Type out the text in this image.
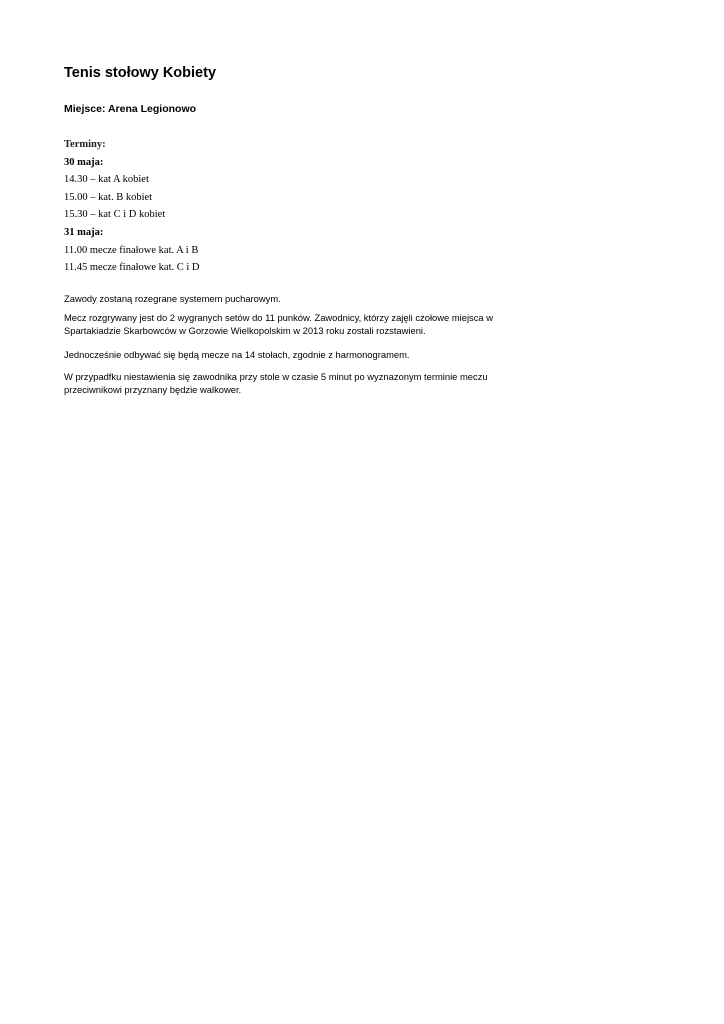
Tenis stołowy Kobiety
Miejsce: Arena Legionowo
Terminy:
30 maja:
14.30 – kat A kobiet
15.00 – kat. B kobiet
15.30 – kat C i D kobiet
31 maja:
11.00 mecze finałowe kat. A i B
11.45 mecze finałowe kat. C i D
Zawody zostaną rozegrane systemem pucharowym.
Mecz rozgrywany jest do 2 wygranych setów do 11 punków. Zawodnicy, którzy zajęli czołowe miejsca w
Spartakiadzie Skarbowców w Gorzowie Wielkopolskim w 2013 roku zostali rozstawieni.
Jednocześnie odbywać się będą mecze na 14 stołach, zgodnie z harmonogramem.
W przypadfku niestawienia się zawodnika przy stole w czasie 5 minut po wyznazonym terminie meczu
przeciwnikowi przyznany będzie walkower.
